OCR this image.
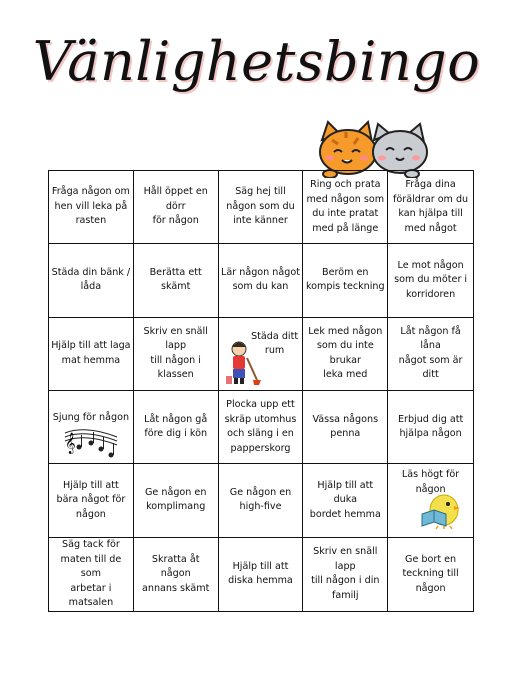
Vänlighetsbingo
Fråga någon om
hen vill leka på
rasten
Håll öppet en dörr
för någon
Säg hej till
någon som du
inte känner
Ring och prata
med någon som
du inte pratat
med på länge
Fråga dina
föräldrar om du
kan hjälpa till
med något
Städa din bänk /
låda
Berätta ett skämt
Lär någon något
som du kan
Beröm en
kompis teckning
Le mot någon
som du möter i
korridoren
Hjälp till att laga
mat hemma
Skriv en snäll lapp
till någon i klassen
Städa ditt
rum
Lek med någon
som du inte brukar
leka med
Låt någon få låna
något som är ditt
Sjung för någon
𝄞
Låt någon gå
före dig i kön
Plocka upp ett
skräp utomhus
och släng i en
papperskorg
Vässa någons
penna
Erbjud dig att
hjälpa någon
Hjälp till att
bära något för
någon
Ge någon en
komplimang
Ge någon en
high-five
Hjälp till att duka
bordet hemma
Läs högt för
någon
Säg tack för
maten till de som
arbetar i
matsalen
Skratta åt någon
annans skämt
Hjälp till att
diska hemma
Skriv en snäll lapp
till någon i din
familj
Ge bort en
teckning till
någon
